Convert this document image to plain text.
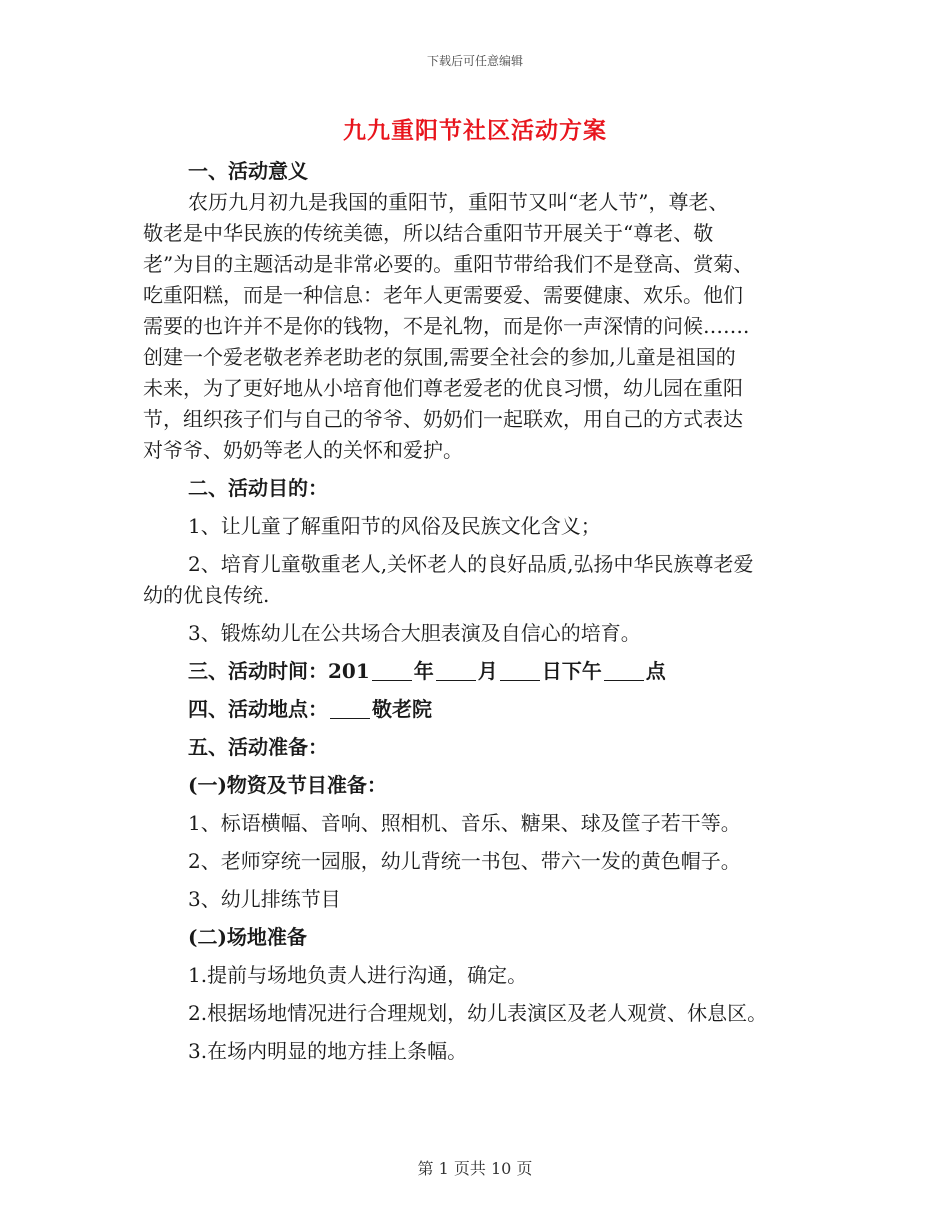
下载后可任意编辑
九九重阳节社区活动方案
一、活动意义
农历九月初九是我国的重阳节，重阳节又叫“老人节”，尊老、
敬老是中华民族的传统美德，所以结合重阳节开展关于“尊老、敬
老”为目的主题活动是非常必要的。重阳节带给我们不是登高、赏菊、
吃重阳糕，而是一种信息：老年人更需要爱、需要健康、欢乐。他们
需要的也许并不是你的钱物，不是礼物，而是你一声深情的问候…….
创建一个爱老敬老养老助老的氛围,需要全社会的参加,儿童是祖国的
未来，为了更好地从小培育他们尊老爱老的优良习惯，幼儿园在重阳
节，组织孩子们与自己的爷爷、奶奶们一起联欢，用自己的方式表达
对爷爷、奶奶等老人的关怀和爱护。
二、活动目的：
1、让儿童了解重阳节的风俗及民族文化含义；
2、培育儿童敬重老人,关怀老人的良好品质,弘扬中华民族尊老爱
幼的优良传统.
3、锻炼幼儿在公共场合大胆表演及自信心的培育。
三、活动时间：201 年 月 日下午 点
四、活动地点： 敬老院
五、活动准备：
(一)物资及节目准备：
1、标语横幅、音响、照相机、音乐、糖果、球及筐子若干等。
2、老师穿统一园服，幼儿背统一书包、带六一发的黄色帽子。
3、幼儿排练节目
(二)场地准备
1.提前与场地负责人进行沟通，确定。
2.根据场地情况进行合理规划，幼儿表演区及老人观赏、休息区。
3.在场内明显的地方挂上条幅。
第 1 页共 10 页
